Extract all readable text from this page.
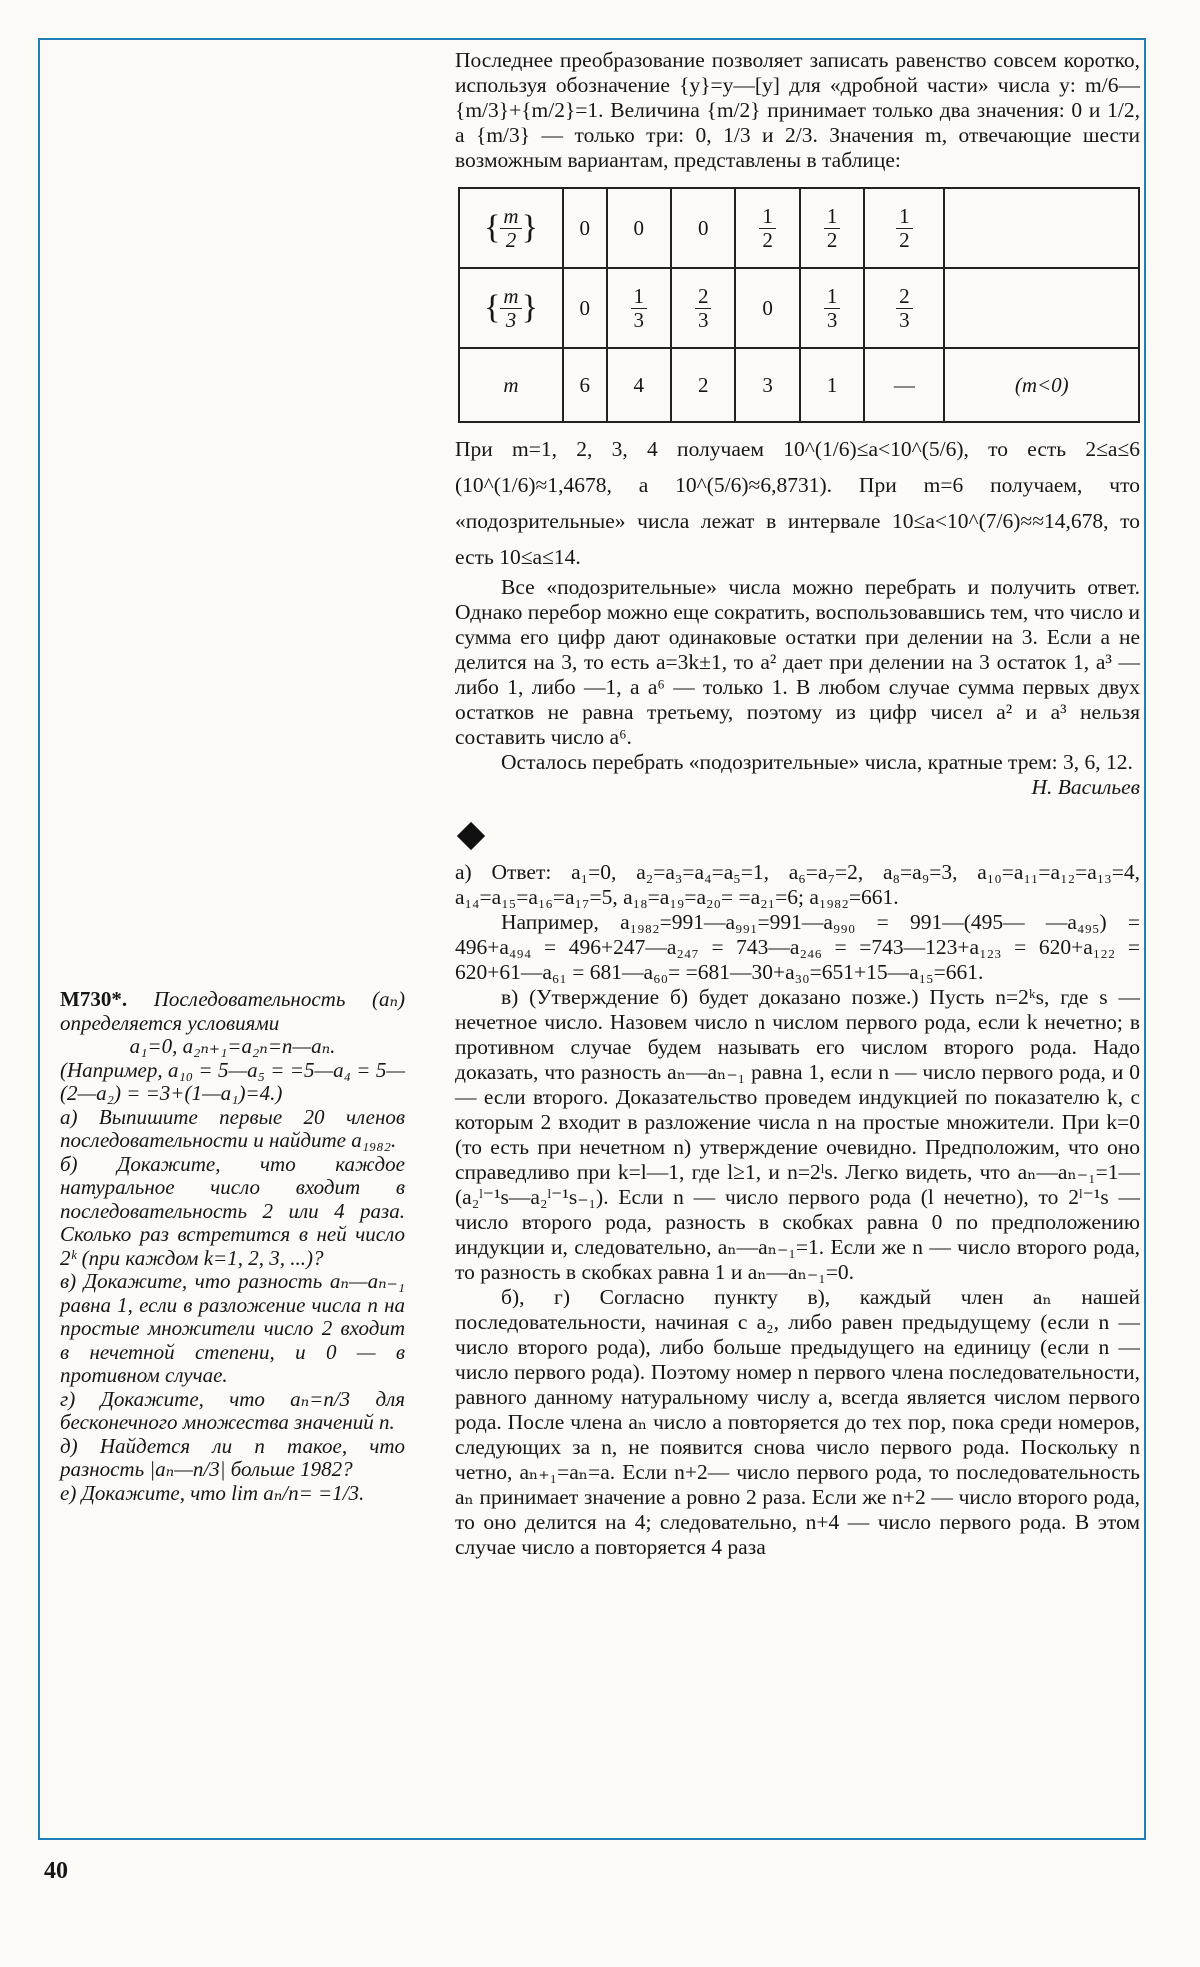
Последнее преобразование позволяет записать равенство совсем коротко, используя обозначение {y}=y—[y] для «дробной части» числа y: m/6—{m/3}+{m/2}=1. Величина {m/2} принимает только два значения: 0 и 1/2, а {m/3} — только три: 0, 1/3 и 2/3. Значения m, отвечающие шести возможным вариантам, представлены в таблице:

{ $\frac{m}{2}$ }	0	0	0	$\frac{1}{2}$	$\frac{1}{2}$	$\frac{1}{2}$

{ $\frac{m}{3}$ }	0	$\frac{1}{3}$	$\frac{2}{3}$	0	$\frac{1}{3}$	$\frac{2}{3}$

m	6	4	2	3	1	—	(m<0)

При m=1, 2, 3, 4 получаем 10^(1/6)≤a<10^(5/6), то есть 2≤a≤6 (10^(1/6)≈1,4678, а 10^(5/6)≈6,8731). При m=6 получаем, что «подозрительные» числа лежат в интервале 10≤a<10^(7/6)≈≈14,678, то есть 10≤a≤14.

Все «подозрительные» числа можно перебрать и получить ответ. Однако перебор можно еще сократить, воспользовавшись тем, что число и сумма его цифр дают одинаковые остатки при делении на 3. Если a не делится на 3, то есть a=3k±1, то a² дает при делении на 3 остаток 1, a³ — либо 1, либо —1, а a⁶ — только 1. В любом случае сумма первых двух остатков не равна третьему, поэтому из цифр чисел a² и a³ нельзя составить число a⁶.

Осталось перебрать «подозрительные» числа, кратные трем: 3, 6, 12.

Н. Васильев

а) Ответ: a₁=0, a₂=a₃=a₄=a₅=1, a₆=a₇=2, a₈=a₉=3, a₁₀=a₁₁=a₁₂=a₁₃=4, a₁₄=a₁₅=a₁₆=a₁₇=5, a₁₈=a₁₉=a₂₀= =a₂₁=6; a₁₉₈₂=661.

Например, a₁₉₈₂=991—a₉₉₁=991—a₉₉₀ = 991—(495— —a₄₉₅) = 496+a₄₉₄ = 496+247—a₂₄₇ = 743—a₂₄₆ = =743—123+a₁₂₃ = 620+a₁₂₂ = 620+61—a₆₁ = 681—a₆₀= =681—30+a₃₀=651+15—a₁₅=661.

в) (Утверждение б) будет доказано позже.) Пусть n=2ᵏs, где s — нечетное число. Назовем число n числом первого рода, если k нечетно; в противном случае будем называть его числом второго рода. Надо доказать, что разность aₙ—aₙ₋₁ равна 1, если n — число первого рода, и 0 — если второго. Доказательство проведем индукцией по показателю k, с которым 2 входит в разложение числа n на простые множители. При k=0 (то есть при нечетном n) утверждение очевидно. Предположим, что оно справедливо при k=l—1, где l≥1, и n=2ˡs. Легко видеть, что aₙ—aₙ₋₁=1—(a₂ˡ⁻¹s—a₂ˡ⁻¹s₋₁). Если n — число первого рода (l нечетно), то 2ˡ⁻¹s — число второго рода, разность в скобках равна 0 по предположению индукции и, следовательно, aₙ—aₙ₋₁=1. Если же n — число второго рода, то разность в скобках равна 1 и aₙ—aₙ₋₁=0.

б), г) Согласно пункту в), каждый член aₙ нашей последовательности, начиная с a₂, либо равен предыдущему (если n — число второго рода), либо больше предыдущего на единицу (если n — число первого рода). Поэтому номер n первого члена последовательности, равного данному натуральному числу a, всегда является числом первого рода. После члена aₙ число a повторяется до тех пор, пока среди номеров, следующих за n, не появится снова число первого рода. Поскольку n четно, aₙ₊₁=aₙ=a. Если n+2— число первого рода, то последовательность aₙ принимает значение a ровно 2 раза. Если же n+2 — число второго рода, то оно делится на 4; следовательно, n+4 — число первого рода. В этом случае число a повторяется 4 раза

M730*. Последовательность (aₙ) определяется условиями

a₁=0, a₂ₙ₊₁=a₂ₙ=n—aₙ.

(Например, a₁₀ = 5—a₅ = =5—a₄ = 5—(2—a₂) = =3+(1—a₁)=4.)

а) Выпишите первые 20 членов последовательности и найдите a₁₉₈₂.

б) Докажите, что каждое натуральное число входит в последовательность 2 или 4 раза. Сколько раз встретится в ней число 2ᵏ (при каждом k=1, 2, 3, ...)?

в) Докажите, что разность aₙ—aₙ₋₁ равна 1, если в разложение числа n на простые множители число 2 входит в нечетной степени, и 0 — в противном случае.

г) Докажите, что aₙ=n/3 для бесконечного множества значений n.

д) Найдется ли n такое, что разность |aₙ—n/3| больше 1982?

е) Докажите, что lim aₙ/n= =1/3.

40
